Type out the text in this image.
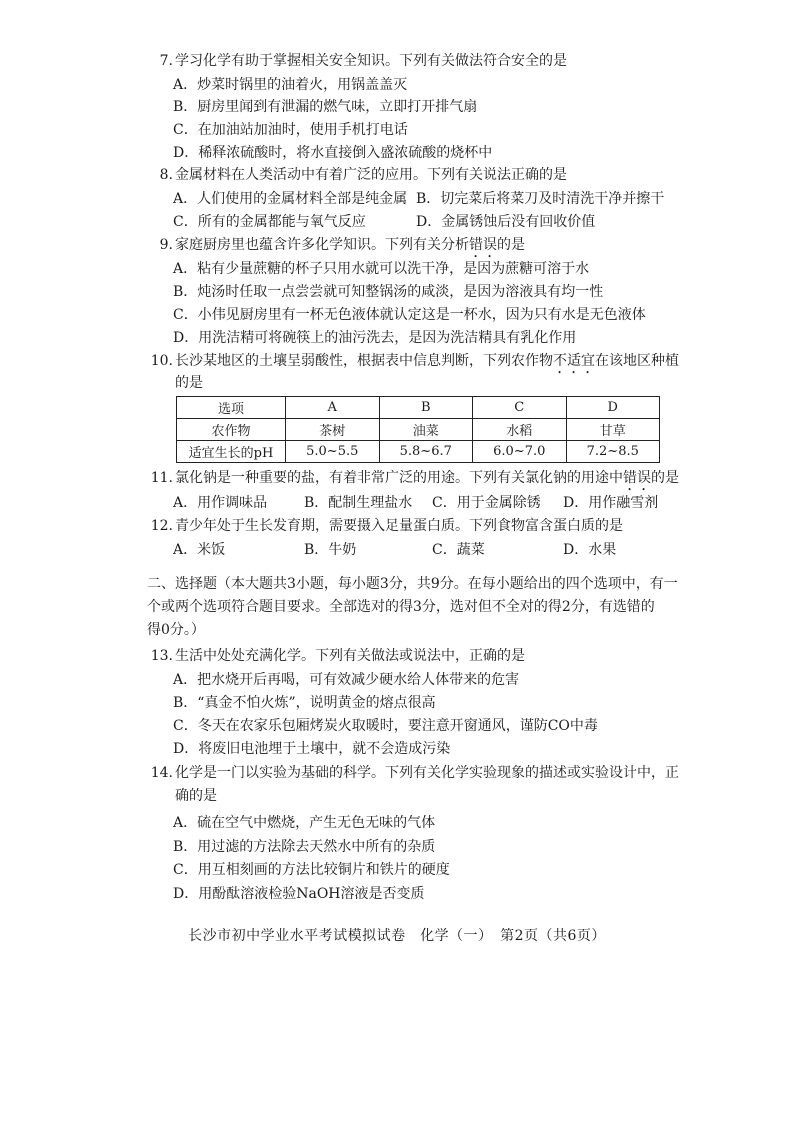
7. 学习化学有助于掌握相关安全知识。下列有关做法符合安全的是
A．炒菜时锅里的油着火，用锅盖盖灭
B．厨房里闻到有泄漏的燃气味，立即打开排气扇
C．在加油站加油时，使用手机打电话
D．稀释浓硫酸时，将水直接倒入盛浓硫酸的烧杯中
8. 金属材料在人类活动中有着广泛的应用。下列有关说法正确的是
A．人们使用的金属材料全部是纯金属 B．切完菜后将菜刀及时清洗干净并擦干
C．所有的金属都能与氧气反应	D．金属锈蚀后没有回收价值
9. 家庭厨房里也蕴含许多化学知识。下列有关分析错误的是
A．粘有少量蔗糖的杯子只用水就可以洗干净，是因为蔗糖可溶于水
B．炖汤时任取一点尝尝就可知整锅汤的咸淡，是因为溶液具有均一性
C．小伟见厨房里有一杯无色液体就认定这是一杯水，因为只有水是无色液体
D．用洗洁精可将碗筷上的油污洗去，是因为洗洁精具有乳化作用
10. 长沙某地区的土壤呈弱酸性，根据表中信息判断，下列农作物不适宜在该地区种植
的是
选项	A	B	C	D
农作物	茶树	油菜	水稻	甘草
适宜生长的pH	5.0~5.5	5.8~6.7	6.0~7.0	7.2~8.5
11. 氯化钠是一种重要的盐，有着非常广泛的用途。下列有关氯化钠的用途中错误的是
A．用作调味品	B．配制生理盐水 C．用于金属除锈 D．用作融雪剂
12. 青少年处于生长发育期，需要摄入足量蛋白质。下列食物富含蛋白质的是
A．米饭	B．牛奶	C．蔬菜	D．水果
二、选择题（本大题共3小题，每小题3分，共9分。在每小题给出的四个选项中，有一
个或两个选项符合题目要求。全部选对的得3分，选对但不全对的得2分，有选错的
得0分。）
13. 生活中处处充满化学。下列有关做法或说法中，正确的是
A．把水烧开后再喝，可有效减少硬水给人体带来的危害
B．“真金不怕火炼”，说明黄金的熔点很高
C．冬天在农家乐包厢烤炭火取暖时，要注意开窗通风，谨防CO中毒
D．将废旧电池埋于土壤中，就不会造成污染
14. 化学是一门以实验为基础的科学。下列有关化学实验现象的描述或实验设计中，正
确的是
A．硫在空气中燃烧，产生无色无味的气体
B．用过滤的方法除去天然水中所有的杂质
C．用互相刻画的方法比较铜片和铁片的硬度
D．用酚酞溶液检验NaOH溶液是否变质
长沙市初中学业水平考试模拟试卷　化学（一）　第2页（共6页）
